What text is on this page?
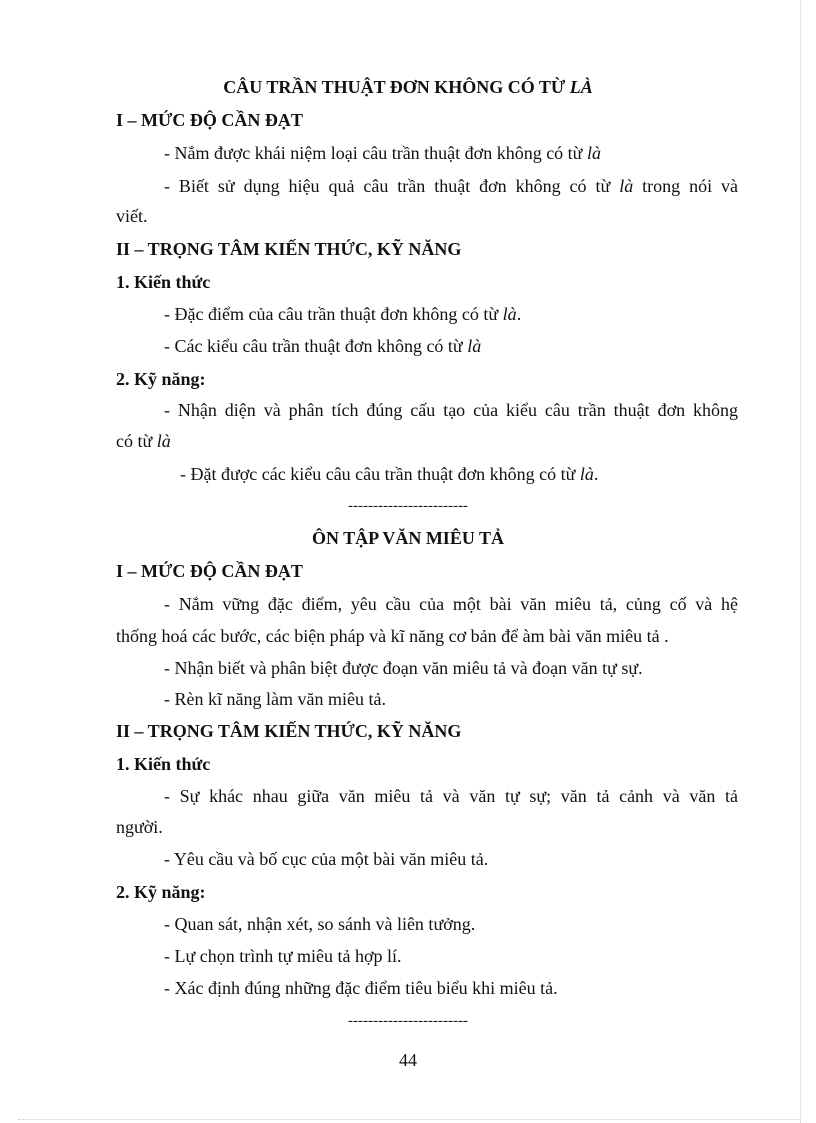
CÂU TRẦN THUẬT ĐƠN KHÔNG CÓ TỪ LÀ
I – MỨC ĐỘ CẦN ĐẠT
- Nắm được khái niệm loại câu trần thuật đơn không có từ là
- Biết sử dụng hiệu quả câu trần thuật đơn không có từ là trong nói và
viết.
II – TRỌNG TÂM KIẾN THỨC, KỸ NĂNG
1. Kiến thức
- Đặc điểm của câu trần thuật đơn không có từ là.
- Các kiểu câu trần thuật đơn không có từ là
2. Kỹ năng:
- Nhận diện và phân tích đúng cấu tạo của kiểu câu trần thuật đơn không
có từ là
- Đặt được các kiểu câu câu trần thuật đơn không có từ là.
------------------------
ÔN TẬP VĂN MIÊU TẢ
I – MỨC ĐỘ CẦN ĐẠT
- Nắm vững đặc điểm, yêu cầu của một bài văn miêu tả, củng cố và hệ
thống hoá các bước, các biện pháp và kĩ năng cơ bản để àm bài văn miêu tả .
- Nhận biết và phân biệt được đoạn văn miêu tả và đoạn văn tự sự.
- Rèn kĩ năng làm văn miêu tả.
II – TRỌNG TÂM KIẾN THỨC, KỸ NĂNG
1. Kiến thức
- Sự khác nhau giữa văn miêu tả và văn tự sự; văn tả cảnh và văn tả
người.
- Yêu cầu và bố cục của một bài văn miêu tả.
2. Kỹ năng:
- Quan sát, nhận xét, so sánh và liên tưởng.
- Lự chọn trình tự miêu tả hợp lí.
- Xác định đúng những đặc điểm tiêu biểu khi miêu tả.
------------------------
44
